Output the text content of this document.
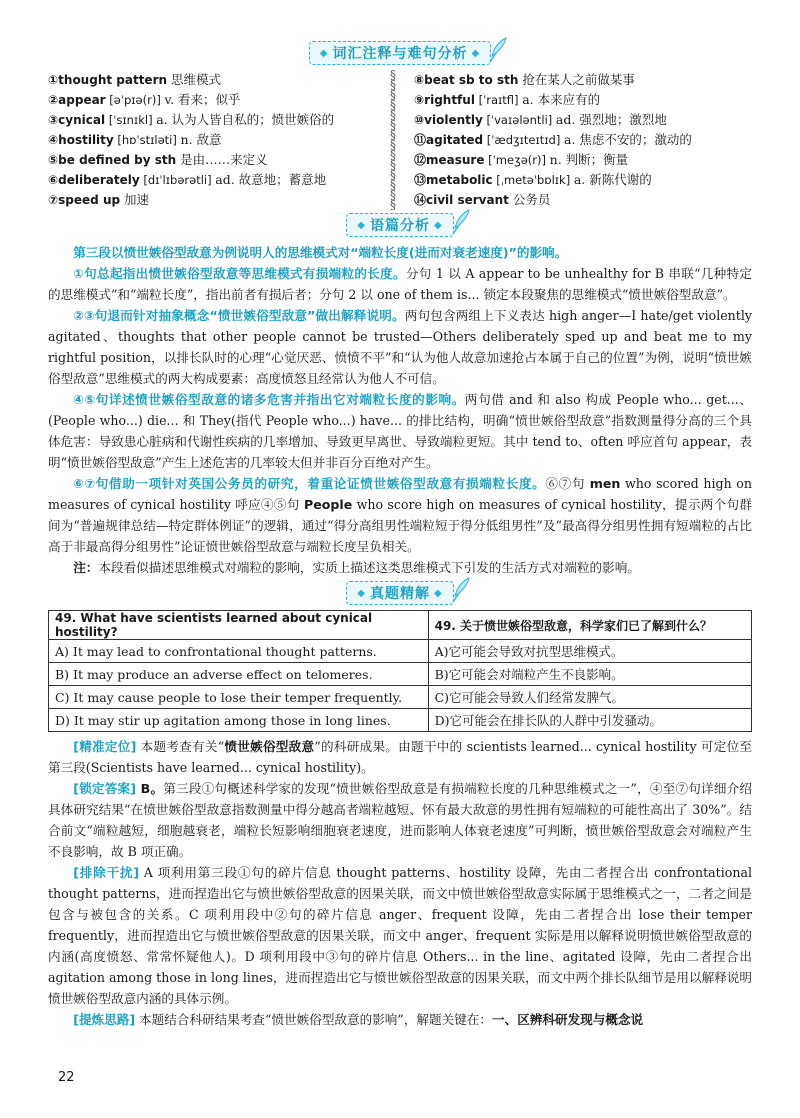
◆ 词汇注释与难句分析 ◆
①thought pattern 思维模式
②appear [əˈpɪə(r)] v. 看来；似乎
③cynical [ˈsɪnɪkl] a. 认为人皆自私的；愤世嫉俗的
④hostility [hɒˈstɪləti] n. 敌意
⑤be defined by sth 是由……来定义
⑥deliberately [dɪˈlɪbərətli] ad. 故意地；蓄意地
⑦speed up 加速
§
§
§
§
§
§
§
§
§
§
§
§
§
§
⑧beat sb to sth 抢在某人之前做某事
⑨rightful [ˈraɪtfl] a. 本来应有的
⑩violently [ˈvaɪələntli] ad. 强烈地；激烈地
⑪agitated [ˈædʒɪteɪtɪd] a. 焦虑不安的；激动的
⑫measure [ˈmeʒə(r)] n. 判断；衡量
⑬metabolic [ˌmetəˈbɒlɪk] a. 新陈代谢的
⑭civil servant 公务员
◆ 语篇分析 ◆

第三段以愤世嫉俗型敌意为例说明人的思维模式对“端粒长度(进而对衰老速度)”的影响。

①句总起指出愤世嫉俗型敌意等思维模式有损端粒的长度。分句 1 以 A appear to be unhealthy for B 串联“几种特定的思维模式”和“端粒长度”，指出前者有损后者；分句 2 以 one of them is... 锁定本段聚焦的思维模式“愤世嫉俗型敌意”。

②③句退而针对抽象概念“愤世嫉俗型敌意”做出解释说明。两句包含两组上下义表达 high anger—I hate/get violently agitated、thoughts that other people cannot be trusted—Others deliberately sped up and beat me to my rightful position，以排长队时的心理“心觉厌恶、愤愤不平”和“认为他人故意加速抢占本属于自己的位置”为例，说明“愤世嫉俗型敌意”思维模式的两大构成要素：高度愤怒且经常认为他人不可信。

④⑤句详述愤世嫉俗型敌意的诸多危害并指出它对端粒长度的影响。两句借 and 和 also 构成 People who... get...、(People who...) die... 和 They(指代 People who...) have... 的排比结构，明确“愤世嫉俗型敌意”指数测量得分高的三个具体危害：导致患心脏病和代谢性疾病的几率增加、导致更早离世、导致端粒更短。其中 tend to、often 呼应首句 appear，表明“愤世嫉俗型敌意”产生上述危害的几率较大但并非百分百绝对产生。

⑥⑦句借助一项针对英国公务员的研究，着重论证愤世嫉俗型敌意有损端粒长度。⑥⑦句 men who scored high on measures of cynical hostility 呼应④⑤句 People who score high on measures of cynical hostility，提示两个句群间为“普遍规律总结—特定群体例证”的逻辑，通过“得分高组男性端粒短于得分低组男性”及“最高得分组男性拥有短端粒的占比高于非最高得分组男性”论证愤世嫉俗型敌意与端粒长度呈负相关。

注：本段看似描述思维模式对端粒的影响，实质上描述这类思维模式下引发的生活方式对端粒的影响。

◆ 真题精解 ◆
49. What have scientists learned about cynical hostility?	49. 关于愤世嫉俗型敌意，科学家们已了解到什么？
A) It may lead to confrontational thought patterns.	A)它可能会导致对抗型思维模式。
B) It may produce an adverse effect on telomeres.	B)它可能会对端粒产生不良影响。
C) It may cause people to lose their temper frequently.	C)它可能会导致人们经常发脾气。
D) It may stir up agitation among those in long lines.	D)它可能会在排长队的人群中引发骚动。

[精准定位] 本题考查有关“愤世嫉俗型敌意”的科研成果。由题干中的 scientists learned... cynical hostility 可定位至第三段(Scientists have learned... cynical hostility)。

[锁定答案] B。第三段①句概述科学家的发现“愤世嫉俗型敌意是有损端粒长度的几种思维模式之一”，④至⑦句详细介绍具体研究结果“在愤世嫉俗型敌意指数测量中得分越高者端粒越短、怀有最大敌意的男性拥有短端粒的可能性高出了 30%”。结合前文“端粒越短，细胞越衰老，端粒长短影响细胞衰老速度，进而影响人体衰老速度”可判断，愤世嫉俗型敌意会对端粒产生不良影响，故 B 项正确。

[排除干扰] A 项利用第三段①句的碎片信息 thought patterns、hostility 设障，先由二者捏合出 confrontational thought patterns，进而捏造出它与愤世嫉俗型敌意的因果关联，而文中愤世嫉俗型敌意实际属于思维模式之一，二者之间是包含与被包含的关系。C 项利用段中②句的碎片信息 anger、frequent 设障，先由二者捏合出 lose their temper frequently，进而捏造出它与愤世嫉俗型敌意的因果关联，而文中 anger、frequent 实际是用以解释说明愤世嫉俗型敌意的内涵(高度愤怒、常常怀疑他人)。D 项利用段中③句的碎片信息 Others... in the line、agitated 设障，先由二者捏合出 agitation among those in long lines，进而捏造出它与愤世嫉俗型敌意的因果关联，而文中两个排长队细节是用以解释说明愤世嫉俗型敌意内涵的具体示例。

[提炼思路] 本题结合科研结果考查“愤世嫉俗型敌意的影响”，解题关键在：一、区辨科研发现与概念说

22
